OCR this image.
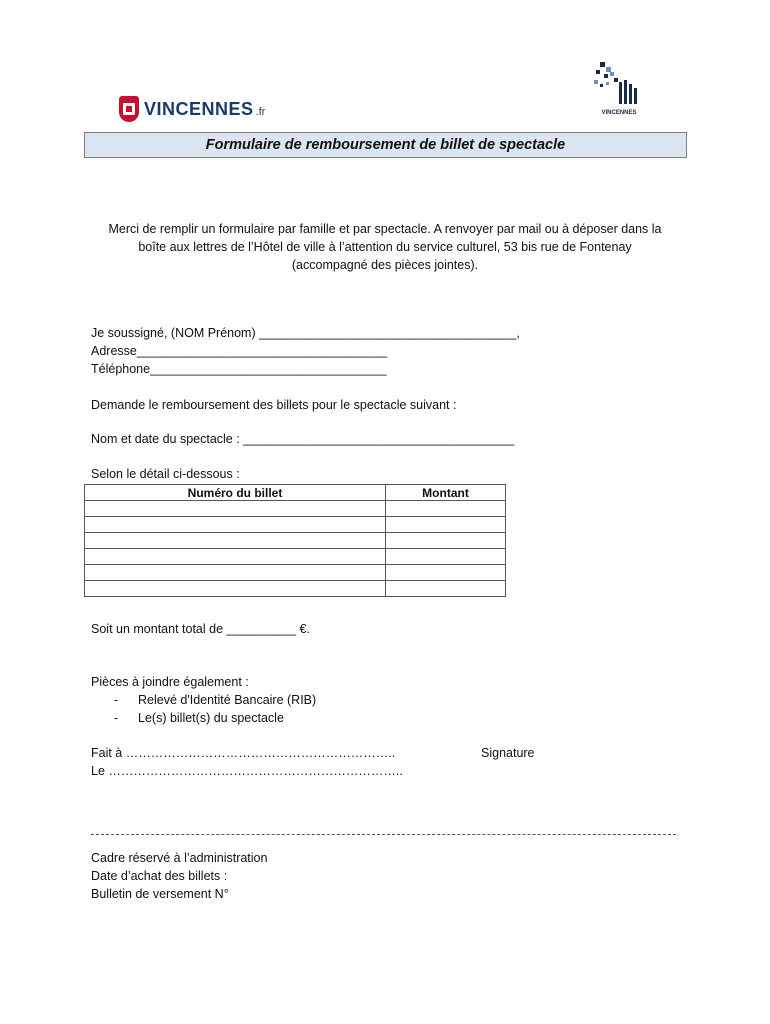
VINCENNES .fr	VINCENNES
Formulaire de remboursement de billet de spectacle
Merci de remplir un formulaire par famille et par spectacle. A renvoyer par mail ou à déposer dans la
boîte aux lettres de l’Hôtel de ville à l’attention du service culturel, 53 bis rue de Fontenay
(accompagné des pièces jointes).
Je soussigné, (NOM Prénom) _____________________________________,
Adresse____________________________________
Téléphone__________________________________
Demande le remboursement des billets pour le spectacle suivant :
Nom et date du spectacle : _______________________________________
Selon le détail ci-dessous :
Numéro du billet	Montant

Soit un montant total de __________ €.
Pièces à joindre également :
- Relevé d'Identité Bancaire (RIB)
- Le(s) billet(s) du spectacle
Fait à ………………………………………………………..
Le ……………………………………………………………..
Signature
Cadre réservé à l’administration
Date d’achat des billets :
Bulletin de versement N°
